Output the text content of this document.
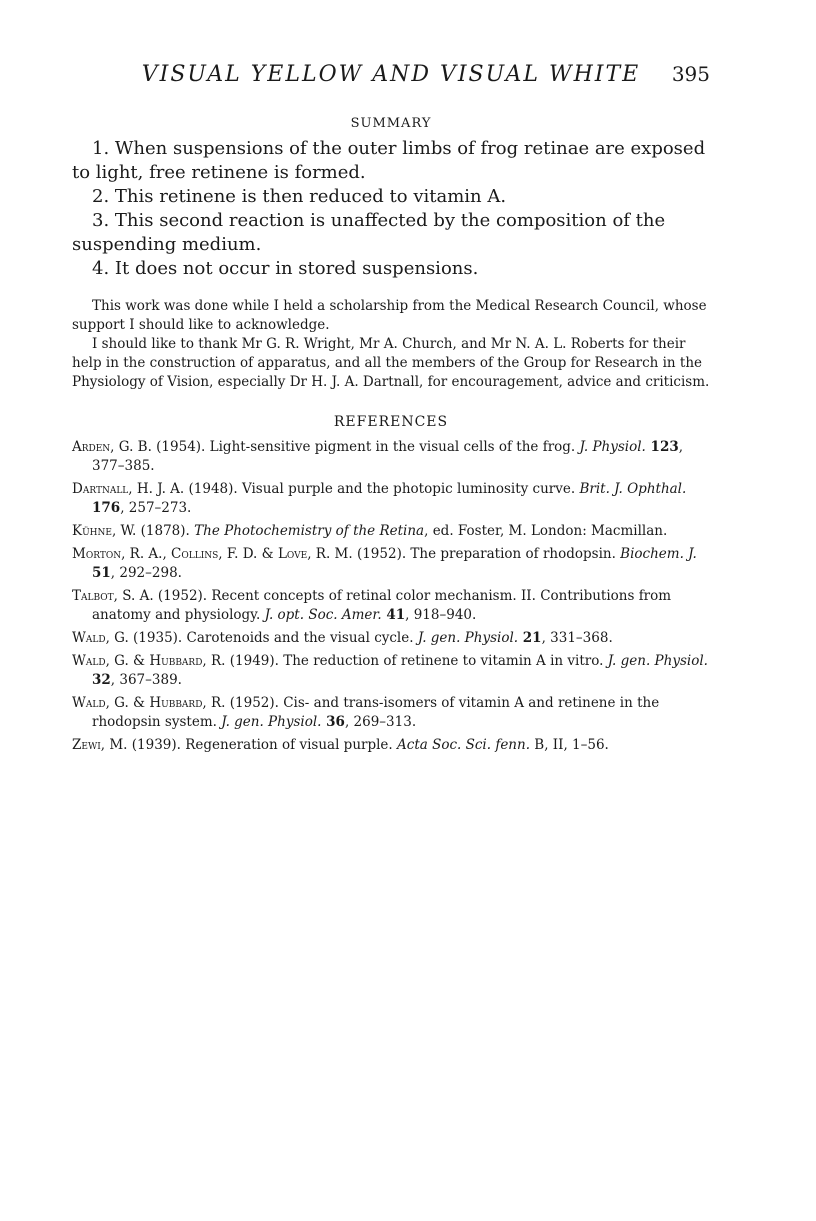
VISUAL YELLOW AND VISUAL WHITE	395
SUMMARY
1. When suspensions of the outer limbs of frog retinae are exposed to light, free retinene is formed.
2. This retinene is then reduced to vitamin A.
3. This second reaction is unaffected by the composition of the suspending medium.
4. It does not occur in stored suspensions.

This work was done while I held a scholarship from the Medical Research Council, whose support I should like to acknowledge.

I should like to thank Mr G. R. Wright, Mr A. Church, and Mr N. A. L. Roberts for their help in the construction of apparatus, and all the members of the Group for Research in the Physiology of Vision, especially Dr H. J. A. Dartnall, for encouragement, advice and criticism.

REFERENCES
Arden, G. B. (1954). Light-sensitive pigment in the visual cells of the frog. J. Physiol. 123, 377–385.
Dartnall, H. J. A. (1948). Visual purple and the photopic luminosity curve. Brit. J. Ophthal. 176, 257–273.
Kühne, W. (1878). The Photochemistry of the Retina, ed. Foster, M. London: Macmillan.
Morton, R. A., Collins, F. D. & Love, R. M. (1952). The preparation of rhodopsin. Biochem. J. 51, 292–298.
Talbot, S. A. (1952). Recent concepts of retinal color mechanism. II. Contributions from anatomy and physiology. J. opt. Soc. Amer. 41, 918–940.
Wald, G. (1935). Carotenoids and the visual cycle. J. gen. Physiol. 21, 331–368.
Wald, G. & Hubbard, R. (1949). The reduction of retinene to vitamin A in vitro. J. gen. Physiol. 32, 367–389.
Wald, G. & Hubbard, R. (1952). Cis- and trans-isomers of vitamin A and retinene in the rhodopsin system. J. gen. Physiol. 36, 269–313.
Zewi, M. (1939). Regeneration of visual purple. Acta Soc. Sci. fenn. B, II, 1–56.
